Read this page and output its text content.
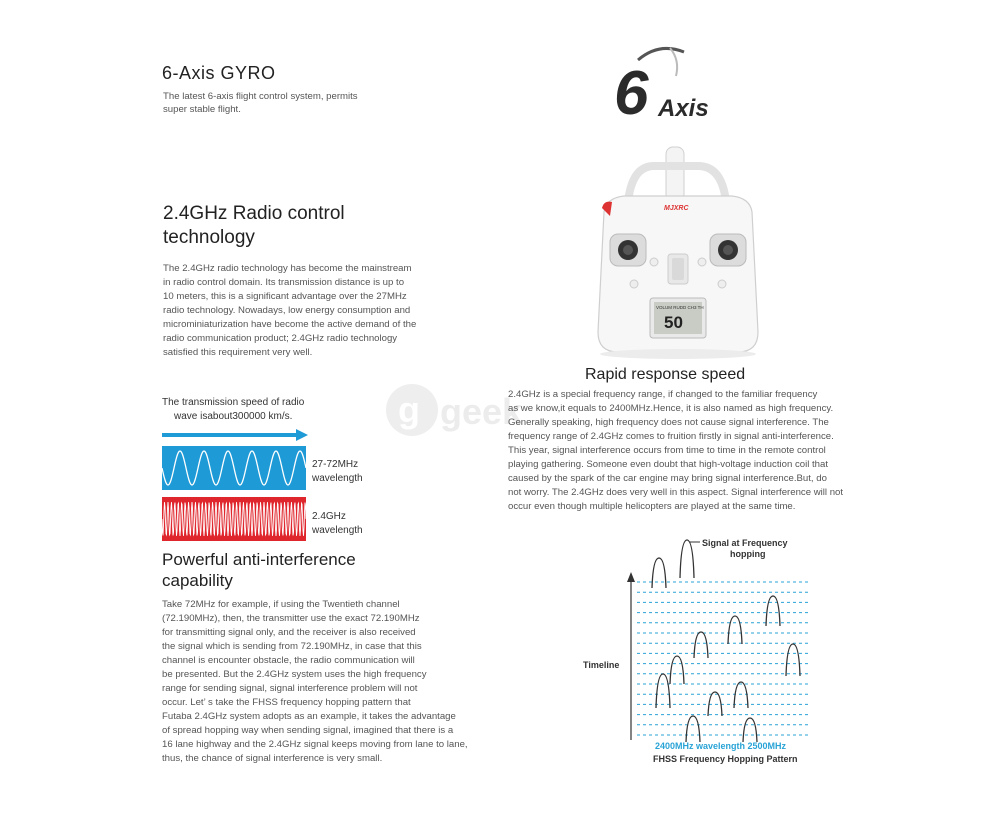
6-Axis GYRO
The latest 6-axis flight control system, permits
super stable flight.	6 Axis
2.4GHz Radio control
technology
The 2.4GHz radio technology has become the mainstream
in radio control domain. Its transmission distance is up to
10 meters, this is a significant advantage over the 27MHz
radio technology. Nowadays, low energy consumption and
microminiaturization have become the active demand of the
radio communication product; 2.4GHz radio technology
satisfied this requirement very well.
MJXRC
VOLUM RUDD CH3 TH
50
The transmission speed of radio
wave isabout300000 km/s.
27-72MHz
wavelength
2.4GHz
wavelength
g geek
Rapid response speed
2.4GHz is a special frequency range, if changed to the familiar frequency
as we know,it equals to 2400MHz.Hence, it is also named as high frequency.
Generally speaking, high frequency does not cause signal interference. The
frequency range of 2.4GHz comes to fruition firstly in signal anti-interference.
This year, signal interference occurs from time to time in the remote control
playing gathering. Someone even doubt that high-voltage induction coil that
caused by the spark of the car engine may bring signal interference.But, do
not worry. The 2.4GHz does very well in this aspect. Signal interference will not
occur even though multiple helicopters are played at the same time.
Powerful anti-interference
capability
Take 72MHz for example, if using the Twentieth channel
(72.190MHz), then, the transmitter use the exact 72.190MHz
for transmitting signal only, and the receiver is also received
the signal which is sending from 72.190MHz, in case that this
channel is encounter obstacle, the radio communication will
be presented. But the 2.4GHz system uses the high frequency
range for sending signal, signal interference problem will not
occur. Let’ s take the FHSS frequency hopping pattern that
Futaba 2.4GHz system adopts as an example, it takes the advantage
of spread hopping way when sending signal, imagined that there is a
16 lane highway and the 2.4GHz signal keeps moving from lane to lane,
thus, the chance of signal interference is very small.
Timeline
Signal at Frequency
hopping
2400MHz wavelength 2500MHz
FHSS Frequency Hopping Pattern
